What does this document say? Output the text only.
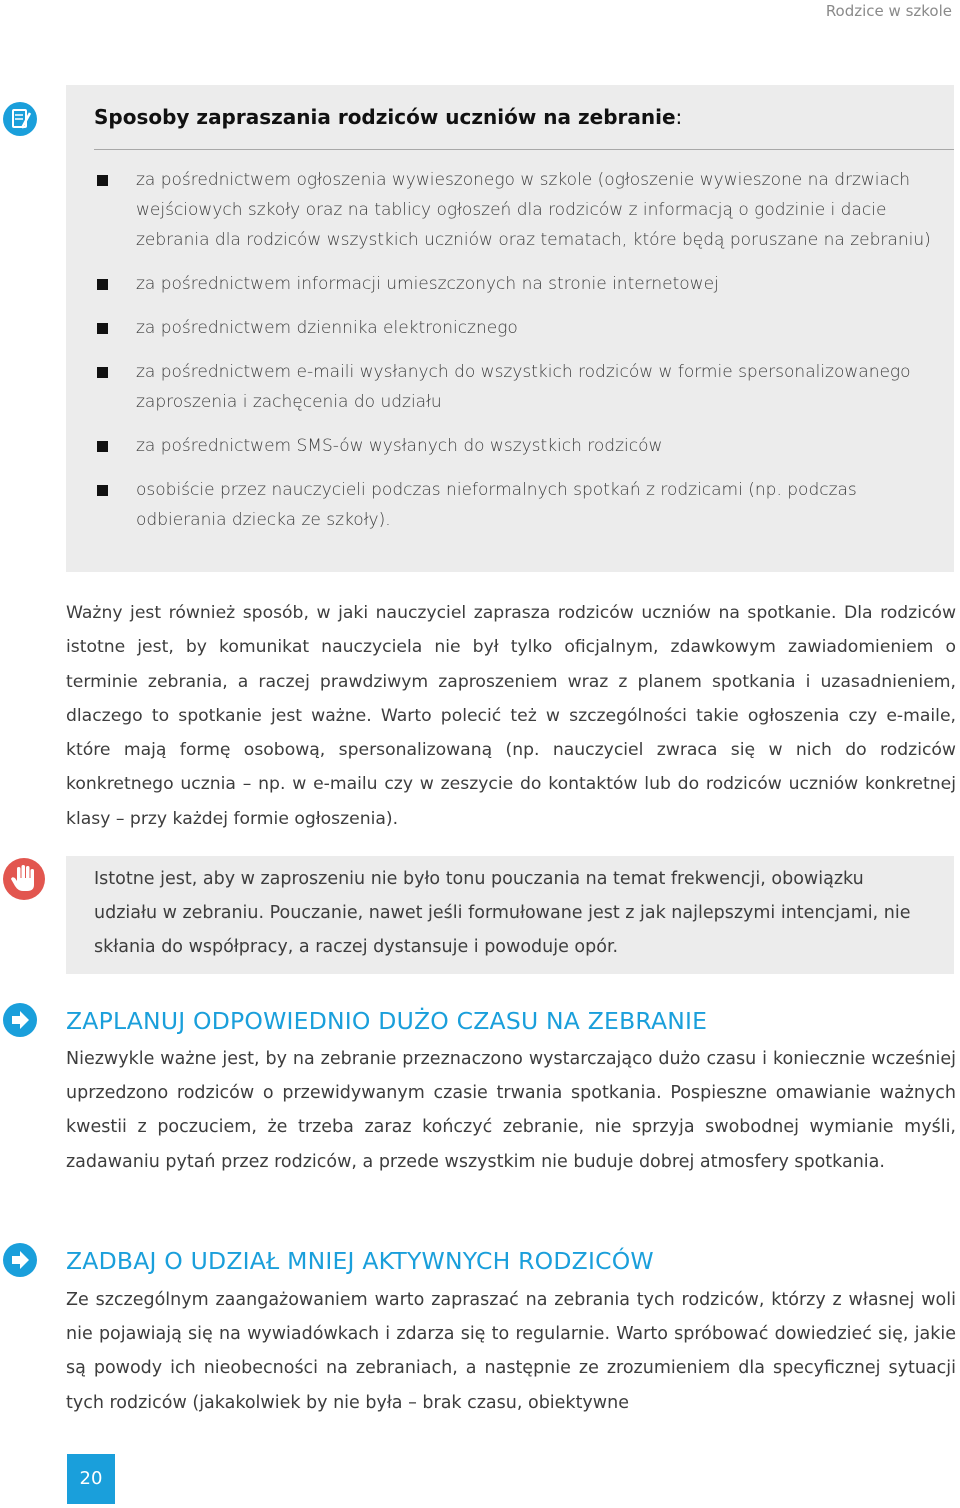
Rodzice w szkole
Sposoby zapraszania rodziców uczniów na zebranie:
za pośrednictwem ogłoszenia wywieszonego w szkole (ogłoszenie wywieszone na drzwiach wejściowych szkoły oraz na tablicy ogłoszeń dla rodziców z informacją o godzinie i dacie zebrania dla rodziców wszystkich uczniów oraz tematach, które będą poruszane na zebraniu)
za pośrednictwem informacji umieszczonych na stronie internetowej
za pośrednictwem dziennika elektronicznego
za pośrednictwem e-maili wysłanych do wszystkich rodziców w formie spersonalizowanego zaproszenia i zachęcenia do udziału
za pośrednictwem SMS-ów wysłanych do wszystkich rodziców
osobiście przez nauczycieli podczas nieformalnych spotkań z rodzicami (np. podczas odbierania dziecka ze szkoły).

Ważny jest również sposób, w jaki nauczyciel zaprasza rodziców uczniów na spotkanie. Dla rodziców istotne jest, by komunikat nauczyciela nie był tylko oficjalnym, zdawkowym zawiadomieniem o terminie zebrania, a raczej prawdziwym zaproszeniem wraz z planem spotkania i uzasadnieniem, dlaczego to spotkanie jest ważne. Warto polecić też w szczególności takie ogłoszenia czy e-maile, które mają formę osobową, spersonalizowaną (np. nauczyciel zwraca się w nich do rodziców konkretnego ucznia – np. w e-mailu czy w zeszycie do kontaktów lub do rodziców uczniów konkretnej klasy – przy każdej formie ogłoszenia).

Istotne jest, aby w zaproszeniu nie było tonu pouczania na temat frekwencji, obowiązku udziału w zebraniu. Pouczanie, nawet jeśli formułowane jest z jak najlepszymi intencjami, nie skłania do współpracy, a raczej dystansuje i powoduje opór.

ZAPLANUJ ODPOWIEDNIO DUŻO CZASU NA ZEBRANIE

Niezwykle ważne jest, by na zebranie przeznaczono wystarczająco dużo czasu i koniecznie wcześniej uprzedzono rodziców o przewidywanym czasie trwania spotkania. Pospieszne omawianie ważnych kwestii z poczuciem, że trzeba zaraz kończyć zebranie, nie sprzyja swobodnej wymianie myśli, zadawaniu pytań przez rodziców, a przede wszystkim nie buduje dobrej atmosfery spotkania.

ZADBAJ O UDZIAŁ MNIEJ AKTYWNYCH RODZICÓW

Ze szczególnym zaangażowaniem warto zapraszać na zebrania tych rodziców, którzy z własnej woli nie pojawiają się na wywiadówkach i zdarza się to regularnie. Warto spróbować dowiedzieć się, jakie są powody ich nieobecności na zebraniach, a następnie ze zrozumieniem dla specyficznej sytuacji tych rodziców (jakakolwiek by nie była – brak czasu, obiektywne

20
